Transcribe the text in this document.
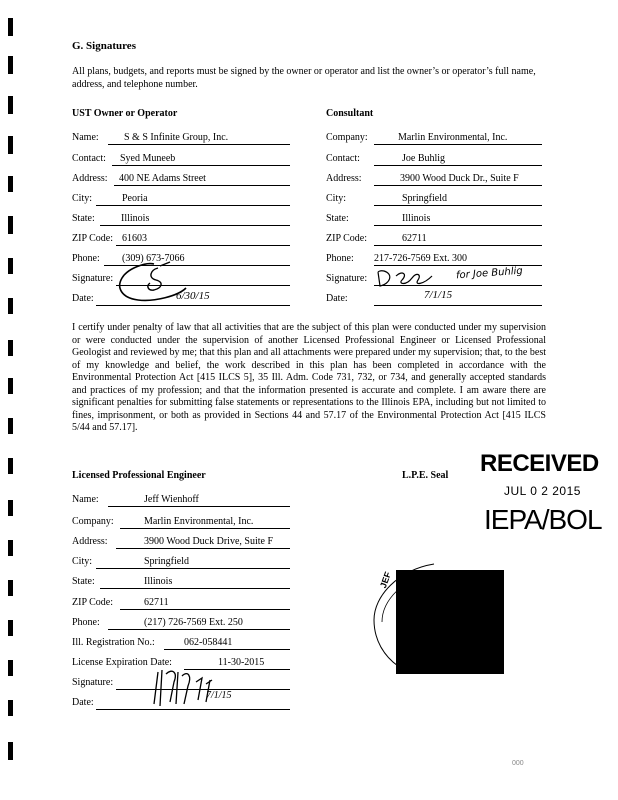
G. Signatures
All plans, budgets, and reports must be signed by the owner or operator and list the owner’s or operator’s full name, address, and telephone number.
UST Owner or Operator
Name:	S & S Infinite Group, Inc.
Contact: Syed Muneeb
Address: 400 NE Adams Street
City:	Peoria
State:	Illinois
ZIP Code: 61603
Phone: (309) 673-7066
Signature:
Date:	6/30/15
Consultant
Company:	Marlin Environmental, Inc.
Contact:	Joe Buhlig
Address:	3900 Wood Duck Dr., Suite F
City:	Springfield
State:	Illinois
ZIP Code:	62711
Phone: 217-726-7569 Ext. 300
Signature:	for Joe Buhlig
Date:	7/1/15
I certify under penalty of law that all activities that are the subject of this plan were conducted under my supervision or were conducted under the supervision of another Licensed Professional Engineer or Licensed Professional Geologist and reviewed by me; that this plan and all attachments were prepared under my supervision; that, to the best of my knowledge and belief, the work described in this plan has been completed in accordance with the Environmental Protection Act [415 ILCS 5], 35 Ill. Adm. Code 731, 732, or 734, and generally accepted standards and practices of my profession; and that the information presented is accurate and complete. I am aware there are significant penalties for submitting false statements or representations to the Illinois EPA, including but not limited to fines, imprisonment, or both as provided in Sections 44 and 57.17 of the Environmental Protection Act [415 ILCS 5/44 and 57.17].
Licensed Professional Engineer	L.P.E. Seal
Name:	Jeff Wienhoff
Company:	Marlin Environmental, Inc.
Address:	3900 Wood Duck Drive, Suite F
City:	Springfield
State:	Illinois
ZIP Code:	62711
Phone:	(217) 726-7569 Ext. 250
Ill. Registration No.:	062-058441
License Expiration Date:	11-30-2015
Signature:
Date:
7/1/15
RECEIVED
JUL 0 2 2015
IEPA/BOL
JEF
000
